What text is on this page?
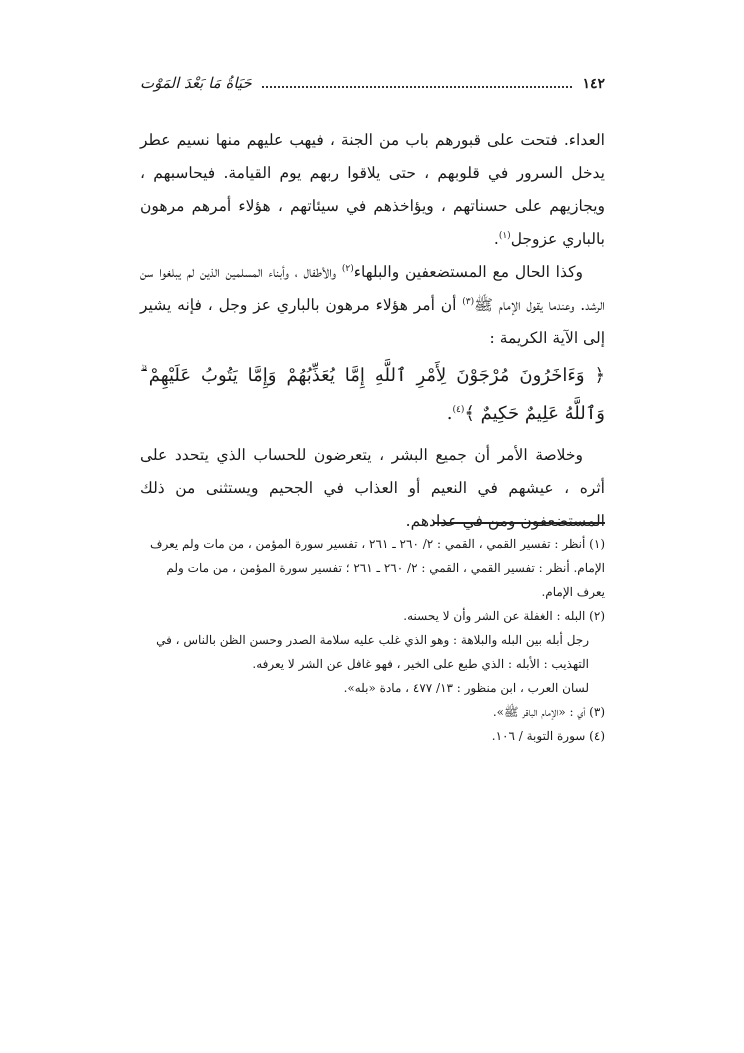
١٤٢
حَيَاةُ مَا بَعْدَ المَوْت

العداء. فتحت على قبورهم باب من الجنة ، فيهب عليهم منها نسيم عطر يدخل السرور في قلوبهم ، حتى يلاقوا ربهم يوم القيامة. فيحاسبهم ، ويجازيهم على حسناتهم ، ويؤاخذهم في سيئاتهم ، هؤلاء أمرهم مرهون بالباري عزوجل$^{(١)}$.

وكذا الحال مع المستضعفين والبلهاء$^{(٢)}$ والأطفال ، وأبناء المسلمين الذين لم يبلغوا سن الرشد. وعندما يقول الإمام ﷺ$^{(٣)}$ أن أمر هؤلاء مرهون بالباري عز وجل ، فإنه يشير إلى الآية الكريمة :

﴿ وَءَاخَرُونَ مُرْجَوْنَ لِأَمْرِ ٱللَّهِ إِمَّا يُعَذِّبُهُمْ وَإِمَّا يَتُوبُ عَلَيْهِمْ ۗ وَٱللَّهُ عَلِيمٌ حَكِيمٌ ﴾$^{(٤)}$.

وخلاصة الأمر أن جميع البشر ، يتعرضون للحساب الذي يتحدد على أثره ، عيشهم في النعيم أو العذاب في الجحيم ويستثنى من ذلك المستضعفون ومن في عدادهم.

(١) أنظر : تفسير القمي ، القمي : ٢/ ٢٦٠ ـ ٢٦١ ، تفسير سورة المؤمن ، من مات ولم يعرف الإمام. أنظر : تفسير القمي ، القمي : ٢/ ٢٦٠ ـ ٢٦١ ؛ تفسير سورة المؤمن ، من مات ولم يعرف الإمام.

(٢) البله : الغفلة عن الشر وأن لا يحسنه.

رجل أبله بين البله والبلاهة : وهو الذي غلب عليه سلامة الصدر وحسن الظن بالناس ، في التهذيب : الأبله : الذي طبع على الخير ، فهو غافل عن الشر لا يعرفه.

لسان العرب ، ابن منظور : ١٣/ ٤٧٧ ، مادة «بله».

(٣) أي : «الإمام الباقر ﷺ».

(٤) سورة التوبة / ١٠٦.
